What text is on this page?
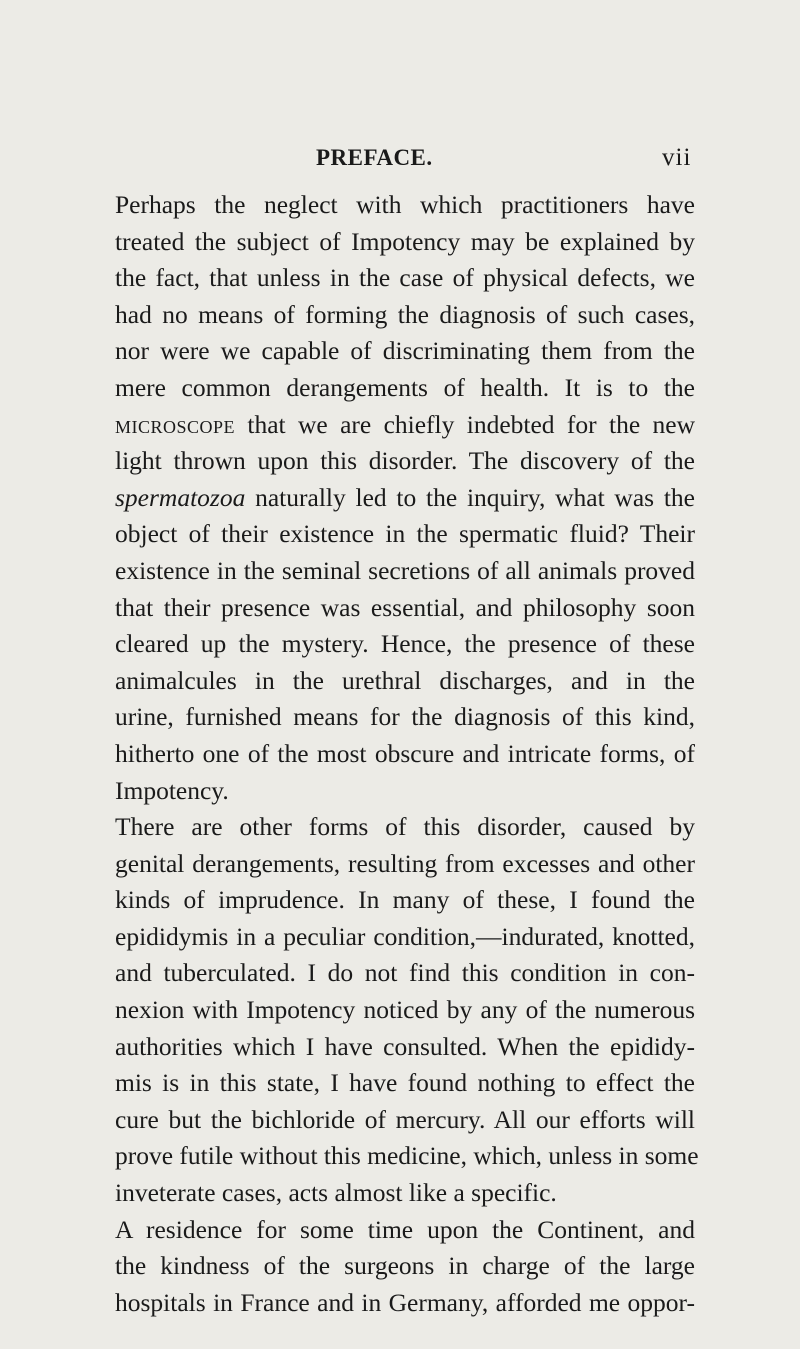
PREFACE.	vii
Perhaps the neglect with which practitioners have
treated the subject of Impotency may be explained by
the fact, that unless in the case of physical defects, we
had no means of forming the diagnosis of such cases,
nor were we capable of discriminating them from the
mere common derangements of health. It is to the
microscope that we are chiefly indebted for the new
light thrown upon this disorder. The discovery of the
spermatozoa naturally led to the inquiry, what was the
object of their existence in the spermatic fluid? Their
existence in the seminal secretions of all animals proved
that their presence was essential, and philosophy soon
cleared up the mystery. Hence, the presence of these
animalcules in the urethral discharges, and in the
urine, furnished means for the diagnosis of this kind,
hitherto one of the most obscure and intricate forms, of
Impotency.
There are other forms of this disorder, caused by
genital derangements, resulting from excesses and other
kinds of imprudence. In many of these, I found the
epididymis in a peculiar condition,—indurated, knotted,
and tuberculated. I do not find this condition in con-
nexion with Impotency noticed by any of the numerous
authorities which I have consulted. When the epididy-
mis is in this state, I have found nothing to effect the
cure but the bichloride of mercury. All our efforts will
prove futile without this medicine, which, unless in some
inveterate cases, acts almost like a specific.
A residence for some time upon the Continent, and
the kindness of the surgeons in charge of the large
hospitals in France and in Germany, afforded me oppor-
